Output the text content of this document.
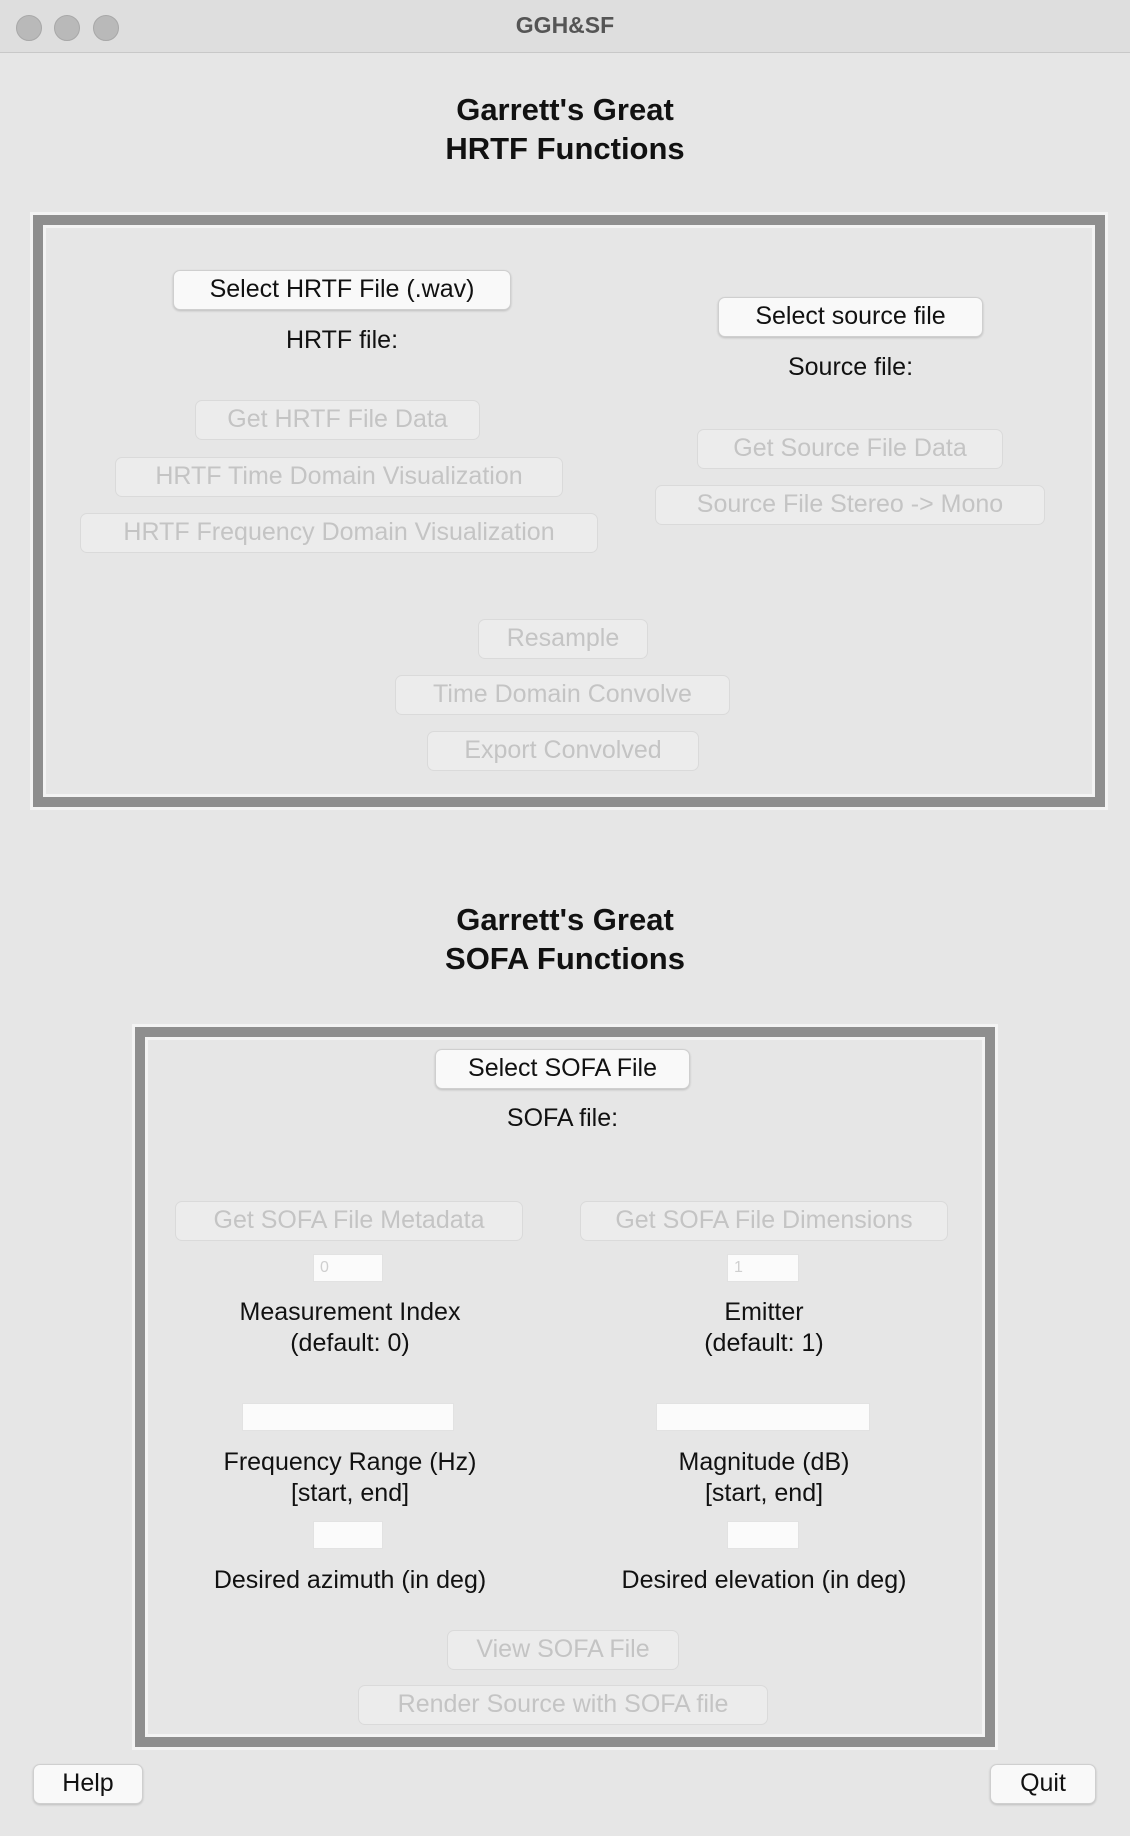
GGH&SF
Garrett's Great
HRTF Functions
Select HRTF File (.wav)
HRTF file:
Select source file
Source file:
Get HRTF File Data
HRTF Time Domain Visualization
HRTF Frequency Domain Visualization
Get Source File Data
Source File Stereo -> Mono
Resample
Time Domain Convolve
Export Convolved
Garrett's Great
SOFA Functions
Select SOFA File
SOFA file:
Get SOFA File Metadata	Get SOFA File Dimensions
0	1
Measurement Index
(default: 0)
Emitter
(default: 1)
Frequency Range (Hz)
[start, end]
Magnitude (dB)
[start, end]
Desired azimuth (in deg)	Desired elevation (in deg)
View SOFA File
Render Source with SOFA file
Help	Quit
